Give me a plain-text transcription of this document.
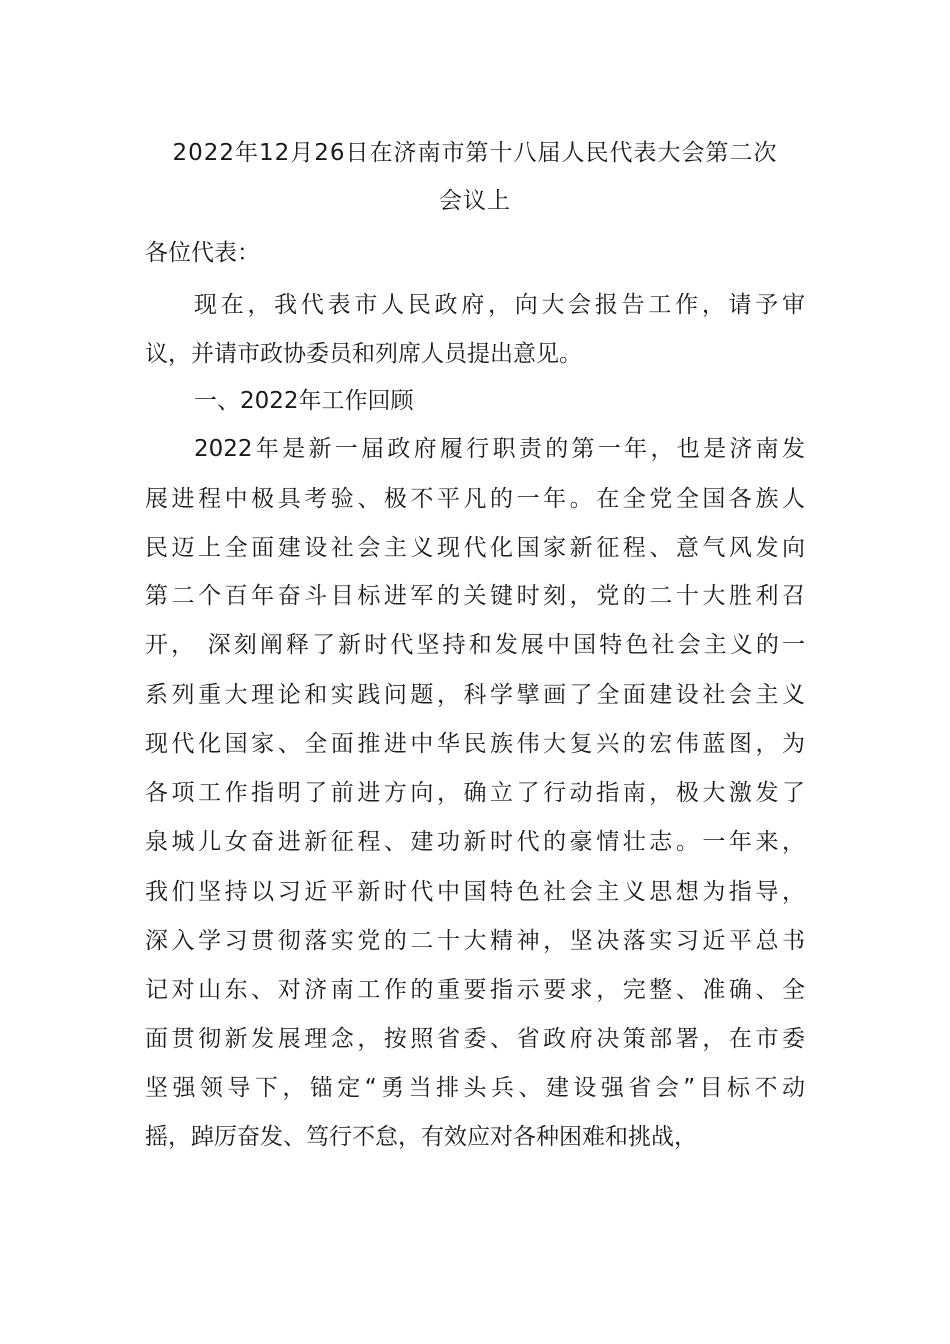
2022年12月26日在济南市第十八届人民代表大会第二次
会议上
各位代表：
现在，我代表市人民政府，向大会报告工作，请予审
议，并请市政协委员和列席人员提出意见。
一、2022年工作回顾
2022年是新一届政府履行职责的第一年，也是济南发
展进程中极具考验、极不平凡的一年。在全党全国各族人
民迈上全面建设社会主义现代化国家新征程、意气风发向
第二个百年奋斗目标进军的关键时刻，党的二十大胜利召
开， 深刻阐释了新时代坚持和发展中国特色社会主义的一
系列重大理论和实践问题，科学擘画了全面建设社会主义
现代化国家、全面推进中华民族伟大复兴的宏伟蓝图，为
各项工作指明了前进方向，确立了行动指南，极大激发了
泉城儿女奋进新征程、建功新时代的豪情壮志。一年来，
我们坚持以习近平新时代中国特色社会主义思想为指导，
深入学习贯彻落实党的二十大精神，坚决落实习近平总书
记对山东、对济南工作的重要指示要求，完整、准确、全
面贯彻新发展理念，按照省委、省政府决策部署，在市委
坚强领导下，锚定“勇当排头兵、建设强省会”目标不动
摇，踔厉奋发、笃行不怠，有效应对各种困难和挑战，
